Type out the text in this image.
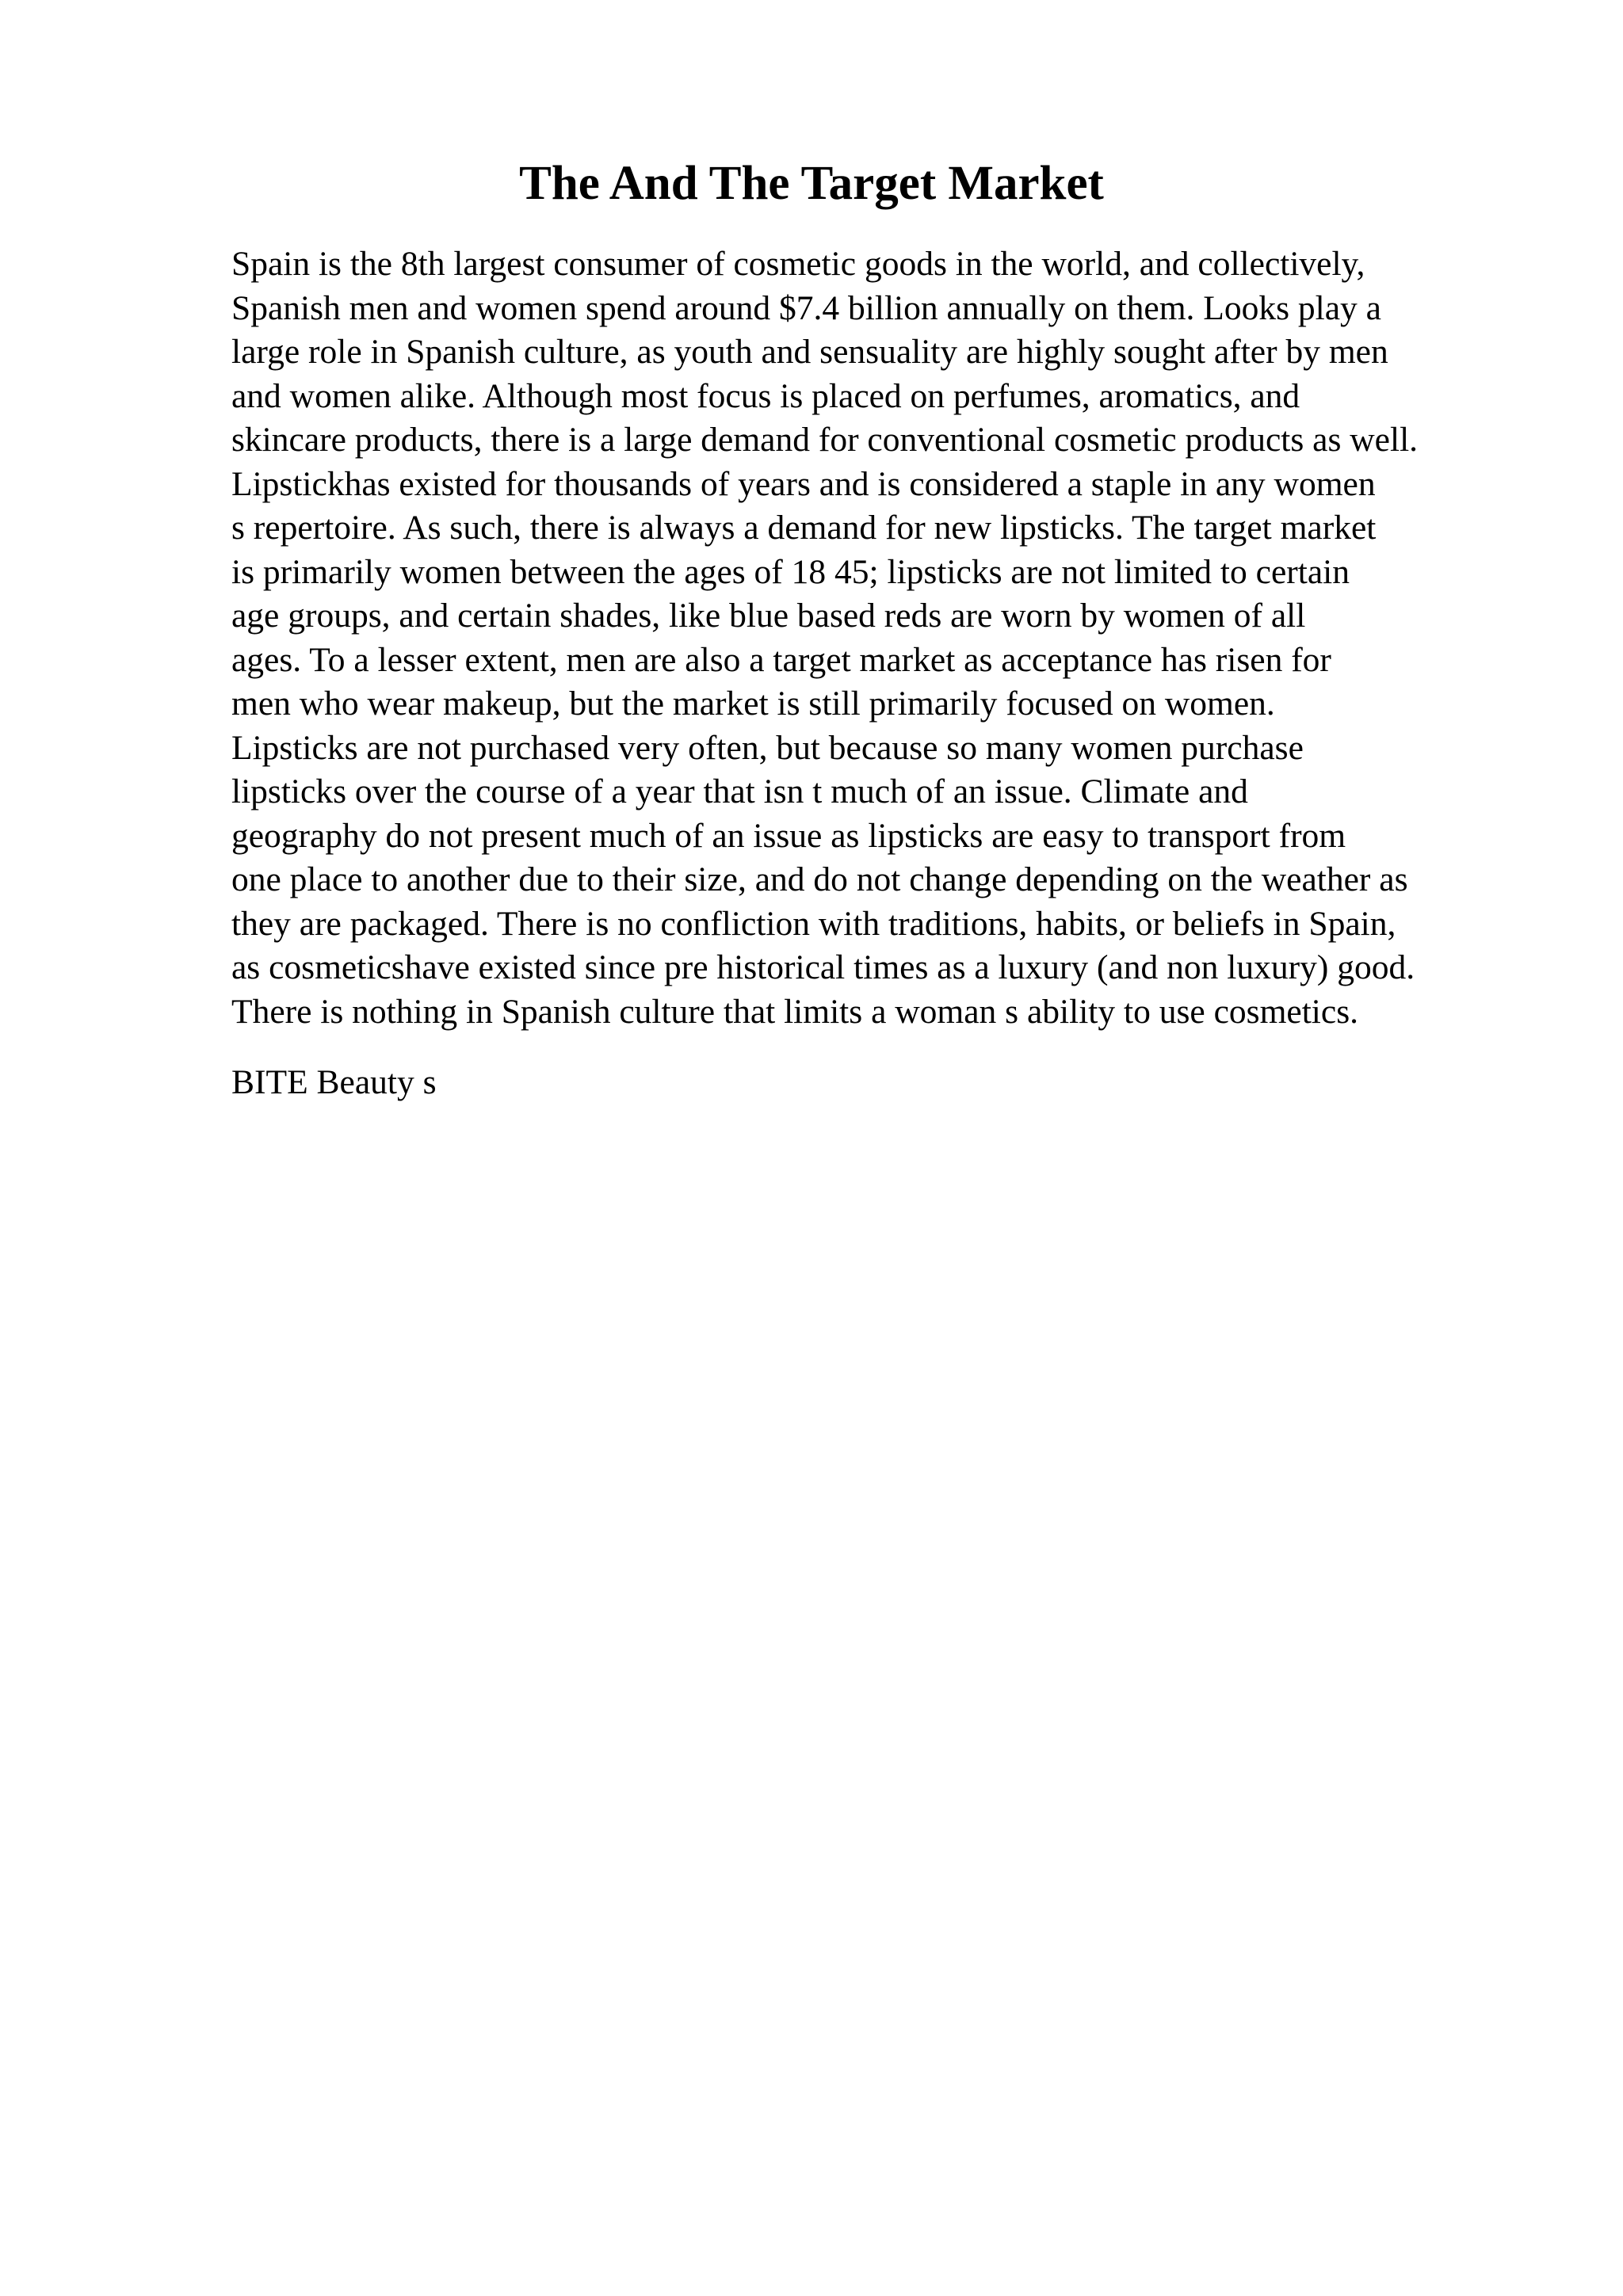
The And The Target Market
Spain is the 8th largest consumer of cosmetic goods in the world, and collectively,
Spanish men and women spend around $7.4 billion annually on them. Looks play a
large role in Spanish culture, as youth and sensuality are highly sought after by men
and women alike. Although most focus is placed on perfumes, aromatics, and
skincare products, there is a large demand for conventional cosmetic products as well.
Lipstickhas existed for thousands of years and is considered a staple in any women
s repertoire. As such, there is always a demand for new lipsticks. The target market
is primarily women between the ages of 18 45; lipsticks are not limited to certain
age groups, and certain shades, like blue based reds are worn by women of all
ages. To a lesser extent, men are also a target market as acceptance has risen for
men who wear makeup, but the market is still primarily focused on women.
Lipsticks are not purchased very often, but because so many women purchase
lipsticks over the course of a year that isn t much of an issue. Climate and
geography do not present much of an issue as lipsticks are easy to transport from
one place to another due to their size, and do not change depending on the weather as
they are packaged. There is no confliction with traditions, habits, or beliefs in Spain,
as cosmeticshave existed since pre historical times as a luxury (and non luxury) good.
There is nothing in Spanish culture that limits a woman s ability to use cosmetics.

BITE Beauty s
